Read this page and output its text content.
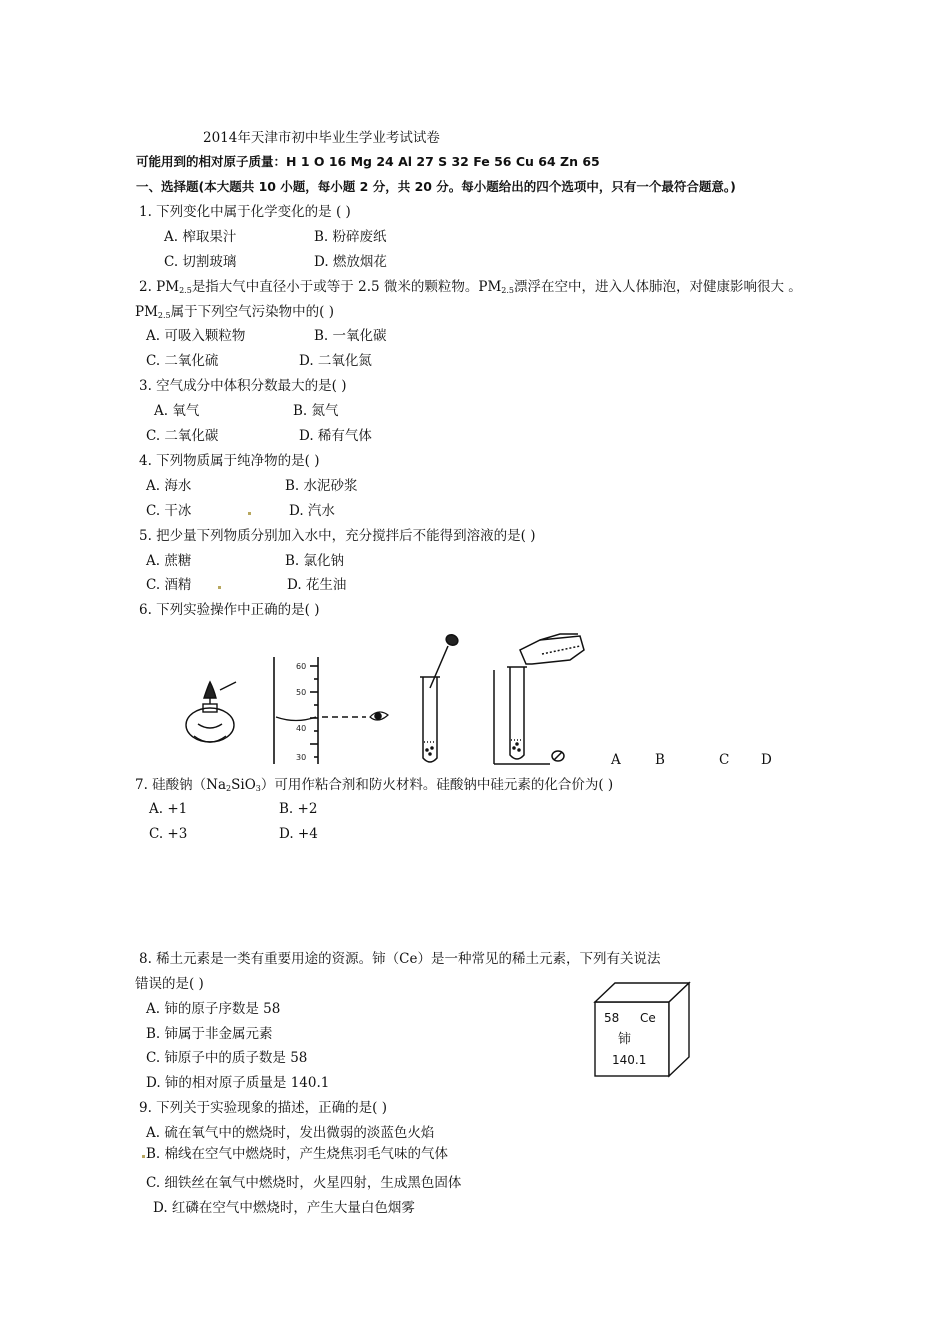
2014年天津市初中毕业生学业考试试卷
可能用到的相对原子质量：H 1 O 16 Mg 24 Al 27 S 32 Fe 56 Cu 64 Zn 65
一、选择题(本大题共 10 小题，每小题 2 分，共 20 分。每小题给出的四个选项中，只有一个最符合题意。)
1. 下列变化中属于化学变化的是 ( )
A. 榨取果汁	B. 粉碎废纸
C. 切割玻璃	D. 燃放烟花
2. $PM_{2.5}$是指大气中直径小于或等于 2.5 微米的颗粒物。$PM_{2.5}$漂浮在空中，进入人体肺泡，对健康影响很大 。
$PM_{2.5}$属于下列空气污染物中的( )
A. 可吸入颗粒物	B. 一氧化碳
C. 二氧化硫	D. 二氧化氮
3. 空气成分中体积分数最大的是( )
A. 氧气	B. 氮气
C. 二氧化碳	D. 稀有气体
4. 下列物质属于纯净物的是( )
A. 海水	B. 水泥砂浆
C. 干冰	D. 汽水
5. 把少量下列物质分别加入水中，充分搅拌后不能得到溶液的是( )
A. 蔗糖	B. 氯化钠
C. 酒精	D. 花生油
6. 下列实验操作中正确的是( )
60
50
40
30	A	B	C D
7. 硅酸钠$(Na_2SiO_3)$可用作粘合剂和防火材料。硅酸钠中硅元素的化合价为( )
A. +1	B. +2
C. +3	D. +4
8. 稀土元素是一类有重要用途的资源。铈（Ce）是一种常见的稀土元素，下列有关说法
错误的是( )
A. 铈的原子序数是 58
B. 铈属于非金属元素
C. 铈原子中的质子数是 58
D. 铈的相对原子质量是 140.1
58 Ce
铈
140.1
9. 下列关于实验现象的描述，正确的是( )
A. 硫在氧气中的燃烧时，发出微弱的淡蓝色火焰
B. 棉线在空气中燃烧时，产生烧焦羽毛气味的气体
C. 细铁丝在氧气中燃烧时，火星四射，生成黑色固体
D. 红磷在空气中燃烧时，产生大量白色烟雾
